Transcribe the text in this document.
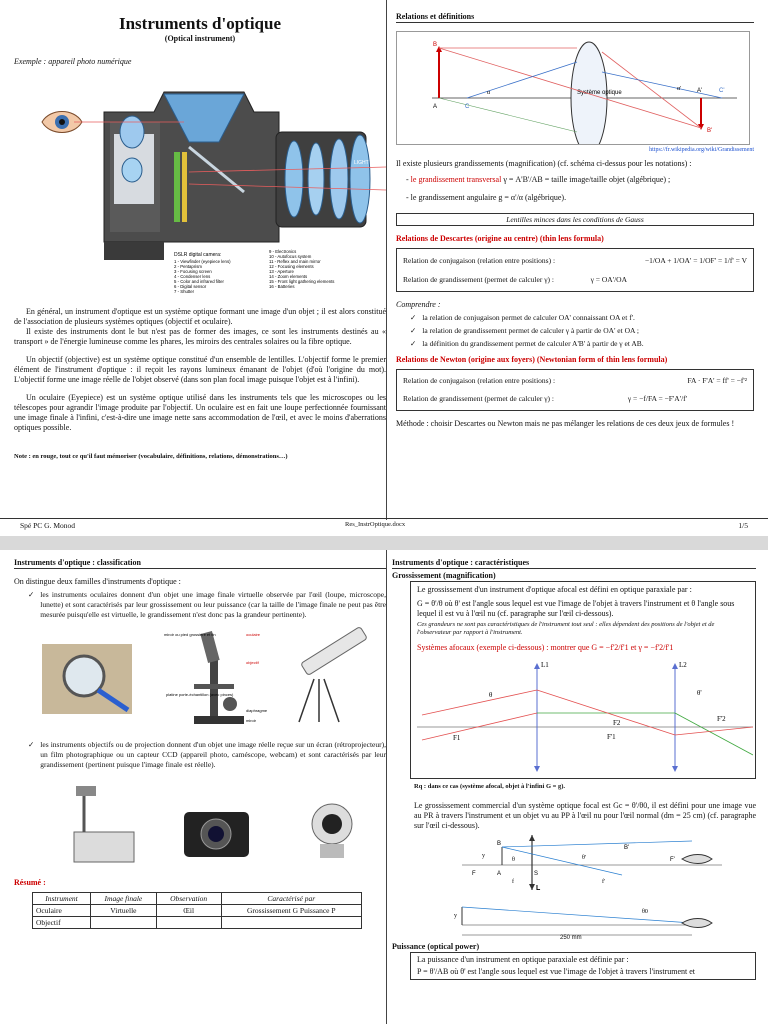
Instruments d'optique
(Optical instrument)
Exemple : appareil photo numérique
LIGHT
DSLR digital camera:
1 - Viewfinder (eyepiece lens)
2 - Pentaprism
3 - Focusing screen
4 - Condenser lens
5 - Color and infrared filter
6 - Digital sensor
7 - Shutter
9 - Electronics
10 - Autofocus system
11 - Reflex and main mirror
12 - Focusing elements
13 - Aperture
14 - Zoom elements
15 - Front light gathering elements
16 - Batteries
En général, un instrument d'optique est un système optique formant une image d'un objet ; il est alors constitué de l'association de plusieurs systèmes optiques (objectif et oculaire).
Il existe des instruments dont le but n'est pas de former des images, ce sont les instruments destinés au « transport » de l'énergie lumineuse comme les phares, les miroirs des centrales solaires ou la fibre optique.
Un objectif (objective) est un système optique constitué d'un ensemble de lentilles. L'objectif forme le premier élément de l'instrument d'optique : il reçoit les rayons lumineux émanant de l'objet (d'où l'origine du mot). L'objectif forme une image réelle de l'objet observé (dans son plan focal image puisque l'objet est à l'infini).
Un oculaire (Eyepiece) est un système optique utilisé dans les instruments tels que les microscopes ou les télescopes pour agrandir l'image produite par l'objectif. Un oculaire est en fait une loupe perfectionnée fournissant une image finale à l'infini, c'est-à-dire une image nette sans accommodation de l'œil, et avec le moins d'aberrations optiques possible.
Note : en rouge, tout ce qu'il faut mémoriser (vocabulaire, définitions, relations, démonstrations…)
Relations et définitions
Système optique
B
A	C
A'	C'
B'
α
α'
https://fr.wikipedia.org/wiki/Grandissement
Il existe plusieurs grandissements (magnification) (cf. schéma ci-dessus pour les notations) :
- le grandissement transversal γ = A'B'/AB = taille image/taille objet (algébrique) ;
- le grandissement angulaire g = α'/α (algébrique).
Lentilles minces dans les conditions de Gauss
Relations de Descartes (origine au centre) (thin lens formula)
Relation de conjugaison (relation entre positions) :	−1/OA + 1/OA' = 1/OF' = 1/f' = V
Relation de grandissement (permet de calculer γ) :	γ = OA'/OA
Comprendre :
✓ la relation de conjugaison permet de calculer OA' connaissant OA et f'.
✓ la relation de grandissement permet de calculer γ à partir de OA' et OA ;
✓ la définition du grandissement permet de calculer A'B' à partir de γ et AB.
Relations de Newton (origine aux foyers) (Newtonian form of thin lens formula)
Relation de conjugaison (relation entre positions) :	FA · F'A' = ff' = −f'²
Relation de grandissement (permet de calculer γ) :	γ = −f/FA = −F'A'/f'
Méthode : choisir Descartes ou Newton mais ne pas mélanger les relations de ces deux jeux de formules !
Spé PC G. Monod	Res_InstrOptique.docx	1/5
Instruments d'optique : classification
On distingue deux familles d'instruments d'optique :
✓ les instruments oculaires donnent d'un objet une image finale virtuelle observée par l'œil (loupe, microscope, lunette) et sont caractérisés par leur grossissement ou leur puissance (car la taille de l'image finale ne peut pas être mesurée puisqu'elle est virtuelle, le grandissement n'est donc pas la grandeur pertinente).
miroir ou pied grossière et fin	oculaire
objectif
platine porte-échantillon (avec pinces)
diaphragme
miroir
✓ les instruments objectifs ou de projection donnent d'un objet une image réelle reçue sur un écran (rétroprojecteur), un film photographique ou un capteur CCD (appareil photo, caméscope, webcam) et sont caractérisés par leur grandissement (pertinent puisque l'image finale est réelle).
Résumé :
Instrument	Image finale	Observation	Caractérisé par
Oculaire	Virtuelle	Œil	Grossissement G Puissance P
Objectif			
Instruments d'optique : caractéristiques
Grossissement (magnification)
Le grossissement d'un instrument d'optique afocal est défini en optique paraxiale par :
G = θ'/θ où θ' est l'angle sous lequel est vue l'image de l'objet à travers l'instrument et θ l'angle sous lequel il est vu à l'œil nu (cf. paragraphe sur l'œil ci-dessous).
Ces grandeurs ne sont pas caractéristiques de l'instrument tout seul : elles dépendent des positions de l'objet et de l'observateur par rapport à l'instrument.
Systèmes afocaux (exemple ci-dessous) : montrer que G = −f'2/f'1 et γ = −f'2/f'1
L1	L2
θ	θ'
F1
F2
F'1
F'2
Rq : dans ce cas (système afocal, objet à l'infini G = g).
Le grossissement commercial d'un système optique focal est Gc = θ'/θ0, il est défini pour une image vue au PR à travers l'instrument et un objet vu au PP à l'œil nu pour l'œil normal (dm = 25 cm) (cf. paragraphe sur l'œil ci-dessous).
B
A
F	S
L
B'
F'
f	f'
y
θ	θ'
y
θ0
250 mm
Puissance (optical power)
La puissance d'un instrument en optique paraxiale est définie par :
P = θ'/AB où θ' est l'angle sous lequel est vue l'image de l'objet à travers l'instrument et
